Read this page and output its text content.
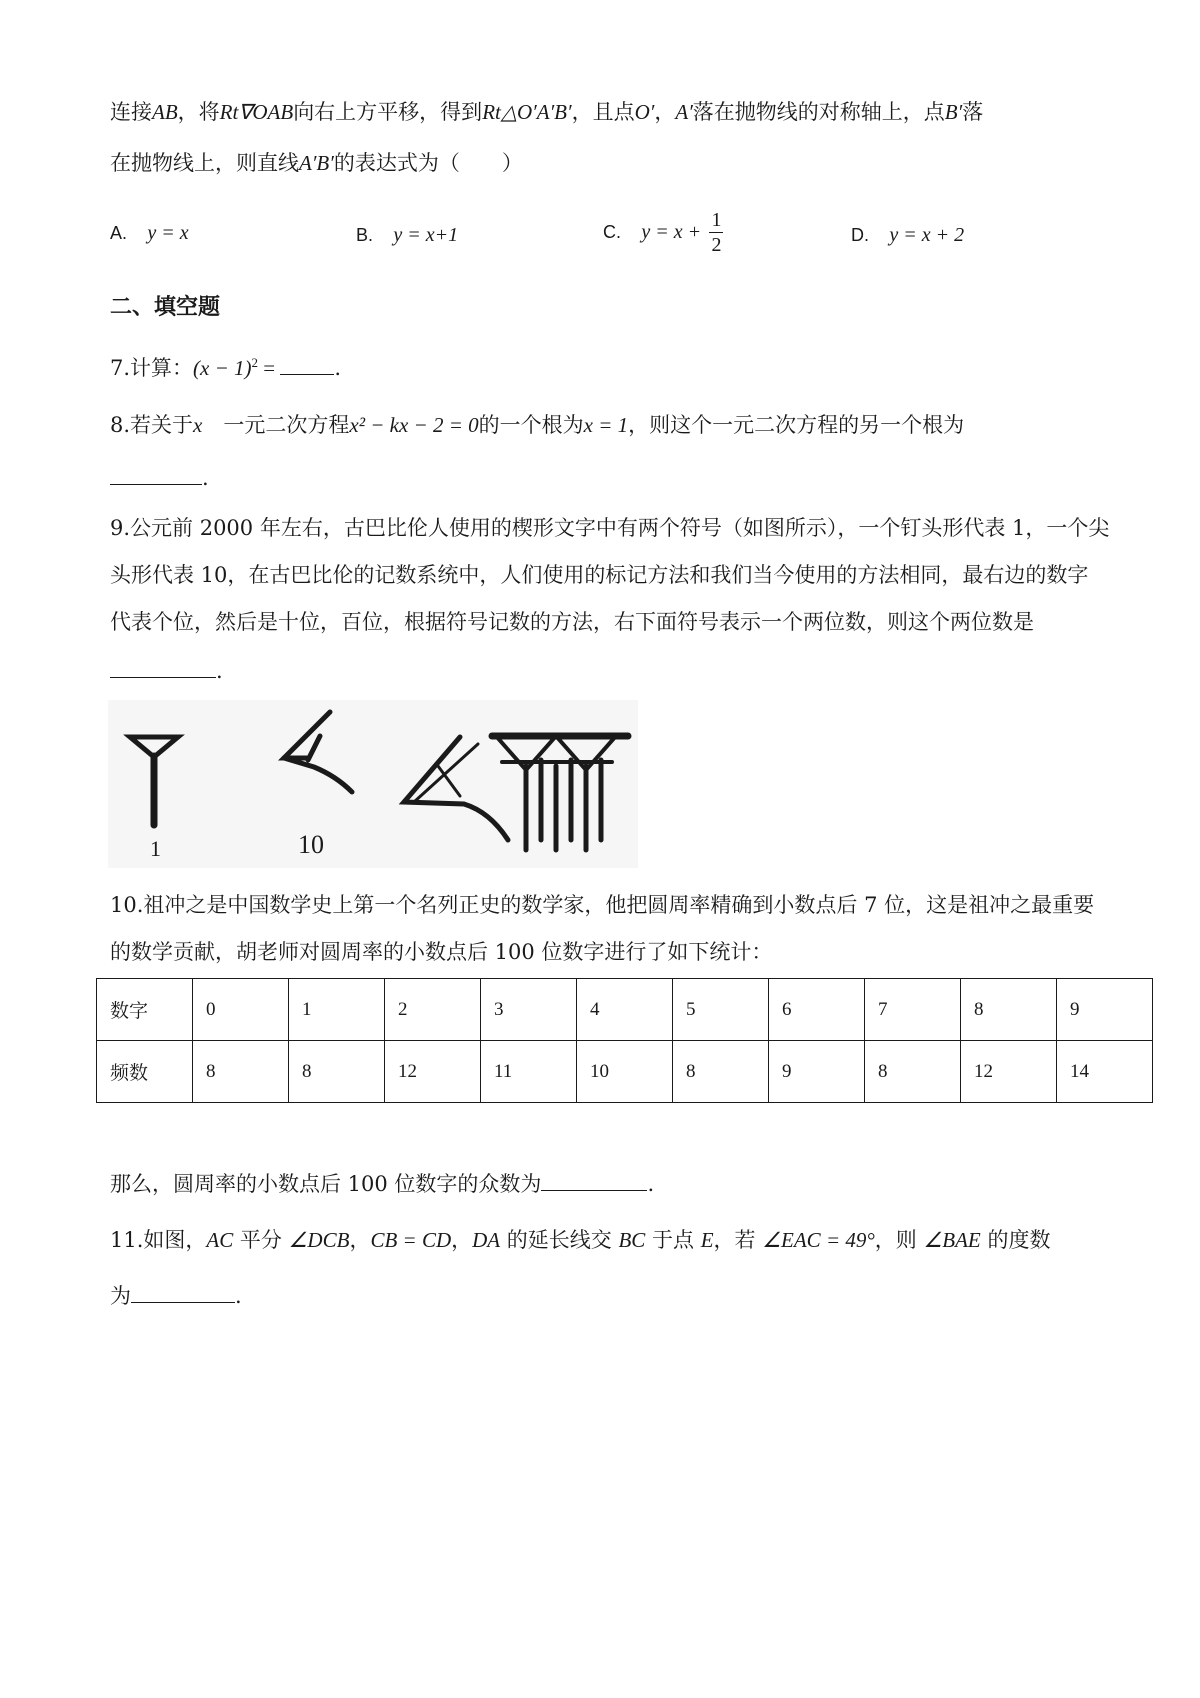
连接AB，将Rt∇OAB向右上方平移，得到Rt△O′A′B′，且点O′，A′落在抛物线的对称轴上，点B′落
在抛物线上，则直线A′B′的表达式为（　　）
A. y = x	B. y = x+1	C. $y = x + \frac{1}{2}$	D. y = x + 2
二、填空题
7.计算：$(x - 1)^2$ =	.
8.若关于x　一元二次方程x² − kx − 2 = 0的一个根为x = 1，则这个一元二次方程的另一个根为
.
9.公元前 2000 年左右，古巴比伦人使用的楔形文字中有两个符号（如图所示），一个钉头形代表 1，一个尖
头形代表 10，在古巴比伦的记数系统中，人们使用的标记方法和我们当今使用的方法相同，最右边的数字
代表个位，然后是十位，百位，根据符号记数的方法，右下面符号表示一个两位数，则这个两位数是
.
1	10
10.祖冲之是中国数学史上第一个名列正史的数学家，他把圆周率精确到小数点后 7 位，这是祖冲之最重要
的数学贡献，胡老师对圆周率的小数点后 100 位数字进行了如下统计：
数字	0	1	2	3	4	5	6	7	8	9
频数	8	8	12	11	10	8	9	8	12	14
那么，圆周率的小数点后 100 位数字的众数为	.
11.如图，AC 平分 ∠DCB，CB = CD，DA 的延长线交 BC 于点 E，若 ∠EAC = 49°，则 ∠BAE 的度数
为	.
